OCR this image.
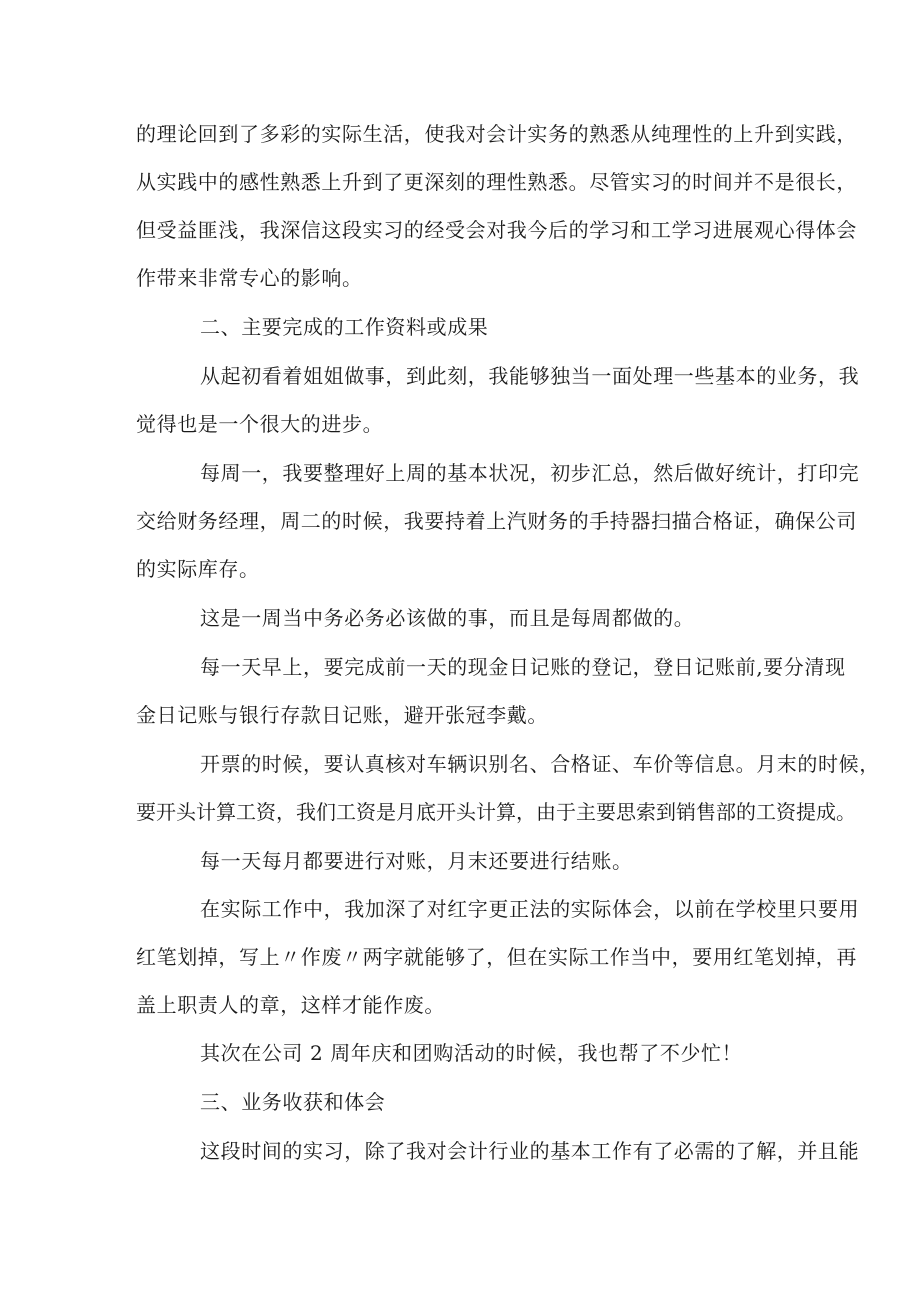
的理论回到了多彩的实际生活，使我对会计实务的熟悉从纯理性的上升到实践，
从实践中的感性熟悉上升到了更深刻的理性熟悉。尽管实习的时间并不是很长，
但受益匪浅，我深信这段实习的经受会对我今后的学习和工学习进展观心得体会
作带来非常专心的影响。
二、主要完成的工作资料或成果
从起初看着姐姐做事，到此刻，我能够独当一面处理一些基本的业务，我
觉得也是一个很大的进步。
每周一，我要整理好上周的基本状况，初步汇总，然后做好统计，打印完
交给财务经理，周二的时候，我要持着上汽财务的手持器扫描合格证，确保公司
的实际库存。
这是一周当中务必务必该做的事，而且是每周都做的。
每一天早上，要完成前一天的现金日记账的登记，登日记账前,要分清现
金日记账与银行存款日记账，避开张冠李戴。
开票的时候，要认真核对车辆识别名、合格证、车价等信息。月末的时候，
要开头计算工资，我们工资是月底开头计算，由于主要思索到销售部的工资提成。
每一天每月都要进行对账，月末还要进行结账。
在实际工作中，我加深了对红字更正法的实际体会，以前在学校里只要用
红笔划掉，写上〃作废〃两字就能够了，但在实际工作当中，要用红笔划掉，再
盖上职责人的章，这样才能作废。
其次在公司 2 周年庆和团购活动的时候，我也帮了不少忙！
三、业务收获和体会
这段时间的实习，除了我对会计行业的基本工作有了必需的了解，并且能
